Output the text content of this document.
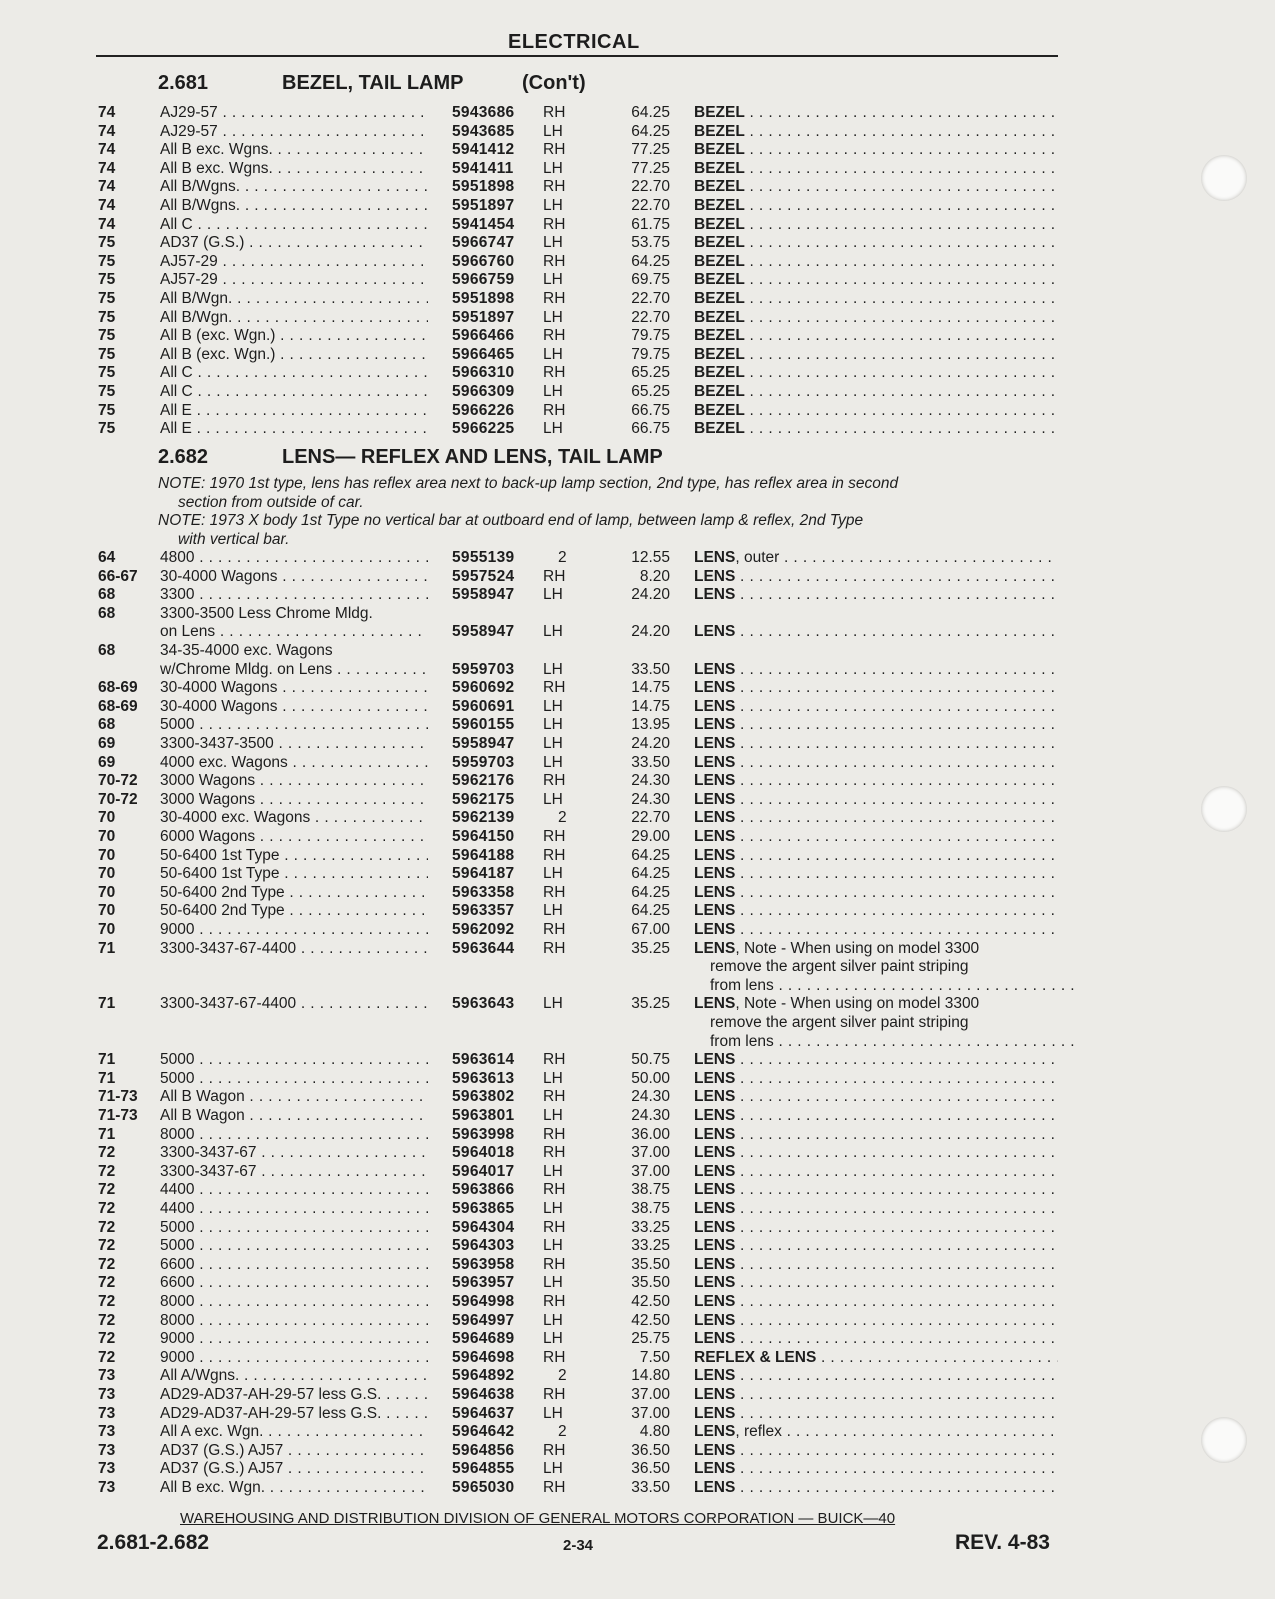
ELECTRICAL
2.681	BEZEL, TAIL LAMP	(Con't)
74	AJ29-57 . . .	5943686 RH	64.25 BEZEL . . .
74	AJ29-57 . . .	5943685 LH	64.25 BEZEL . . .
74	All B exc. Wgns. . . .	5941412 RH	77.25 BEZEL . . .
74	All B exc. Wgns. . . .	5941411 LH	77.25 BEZEL . . .
74	All B/Wgns. . . .	5951898 RH	22.70 BEZEL . . .
74	All B/Wgns. . . .	5951897 LH	22.70 BEZEL . . .
74	All C . . .	5941454 RH	61.75 BEZEL . . .
75	AD37 (G.S.) . . .	5966747 LH	53.75 BEZEL . . .
75	AJ57-29 . . .	5966760 RH	64.25 BEZEL . . .
75	AJ57-29 . . .	5966759 LH	69.75 BEZEL . . .
75	All B/Wgn. . . .	5951898 RH	22.70 BEZEL . . .
75	All B/Wgn. . . .	5951897 LH	22.70 BEZEL . . .
75	All B (exc. Wgn.) . . .	5966466 RH	79.75 BEZEL . . .
75	All B (exc. Wgn.) . . .	5966465 LH	79.75 BEZEL . . .
75	All C . . .	5966310 RH	65.25 BEZEL . . .
75	All C . . .	5966309 LH	65.25 BEZEL . . .
75	All E . . .	5966226 RH	66.75 BEZEL . . .
75	All E . . .	5966225 LH	66.75 BEZEL . . .
2.682	LENS— REFLEX AND LENS, TAIL LAMP
NOTE: 1970 1st type, lens has reflex area next to back-up lamp section, 2nd type, has reflex area in second
section from outside of car.
NOTE: 1973 X body 1st Type no vertical bar at outboard end of lamp, between lamp & reflex, 2nd Type
with vertical bar.
64	4800 . . .	5955139	2	12.55 LENS, outer . . .
66-67 30-4000 Wagons . . .	5957524 RH	8.20 LENS . . .
68	3300 . . .	5958947 LH	24.20 LENS . . .
68	3300-3500 Less Chrome Mldg.
on Lens . . .	5958947 LH	24.20 LENS . . .
68	34-35-4000 exc. Wagons
w/Chrome Mldg. on Lens . . .	5959703 LH	33.50 LENS . . .
68-69 30-4000 Wagons . . .	5960692 RH	14.75 LENS . . .
68-69 30-4000 Wagons . . .	5960691 LH	14.75 LENS . . .
68	5000 . . .	5960155 LH	13.95 LENS . . .
69	3300-3437-3500 . . .	5958947 LH	24.20 LENS . . .
69	4000 exc. Wagons . . .	5959703 LH	33.50 LENS . . .
70-72 3000 Wagons . . .	5962176 RH	24.30 LENS . . .
70-72 3000 Wagons . . .	5962175 LH	24.30 LENS . . .
70	30-4000 exc. Wagons . . .	5962139	2	22.70 LENS . . .
70	6000 Wagons . . .	5964150 RH	29.00 LENS . . .
70	50-6400 1st Type . . .	5964188 RH	64.25 LENS . . .
70	50-6400 1st Type . . .	5964187 LH	64.25 LENS . . .
70	50-6400 2nd Type . . .	5963358 RH	64.25 LENS . . .
70	50-6400 2nd Type . . .	5963357 LH	64.25 LENS . . .
70	9000 . . .	5962092 RH	67.00 LENS . . .
71	3300-3437-67-4400 . . .	5963644 RH	35.25 LENS, Note - When using on model 3300
remove the argent silver paint striping
from lens . . .
71	3300-3437-67-4400 . . .	5963643 LH	35.25 LENS, Note - When using on model 3300
remove the argent silver paint striping
from lens . . .
71	5000 . . .	5963614 RH	50.75 LENS . . .
71	5000 . . .	5963613 LH	50.00 LENS . . .
71-73 All B Wagon . . .	5963802 RH	24.30 LENS . . .
71-73 All B Wagon . . .	5963801 LH	24.30 LENS . . .
71	8000 . . .	5963998 RH	36.00 LENS . . .
72	3300-3437-67 . . .	5964018 RH	37.00 LENS . . .
72	3300-3437-67 . . .	5964017 LH	37.00 LENS . . .
72	4400 . . .	5963866 RH	38.75 LENS . . .
72	4400 . . .	5963865 LH	38.75 LENS . . .
72	5000 . . .	5964304 RH	33.25 LENS . . .
72	5000 . . .	5964303 LH	33.25 LENS . . .
72	6600 . . .	5963958 RH	35.50 LENS . . .
72	6600 . . .	5963957 LH	35.50 LENS . . .
72	8000 . . .	5964998 RH	42.50 LENS . . .
72	8000 . . .	5964997 LH	42.50 LENS . . .
72	9000 . . .	5964689 LH	25.75 LENS . . .
72	9000 . . .	5964698 RH	7.50 REFLEX & LENS . . .
73	All A/Wgns. . . .	5964892	2	14.80 LENS . . .
73	AD29-AD37-AH-29-57 less G.S. . . .	5964638 RH	37.00 LENS . . .
73	AD29-AD37-AH-29-57 less G.S. . . .	5964637 LH	37.00 LENS . . .
73	All A exc. Wgn. . . .	5964642	2	4.80 LENS, reflex . . .
73	AD37 (G.S.) AJ57 . . .	5964856 RH	36.50 LENS . . .
73	AD37 (G.S.) AJ57 . . .	5964855 LH	36.50 LENS . . .
73	All B exc. Wgn. . . .	5965030 RH	33.50 LENS . . .
WAREHOUSING AND DISTRIBUTION DIVISION OF GENERAL MOTORS CORPORATION — BUICK—40
2.681-2.682	2-34	REV. 4-83
